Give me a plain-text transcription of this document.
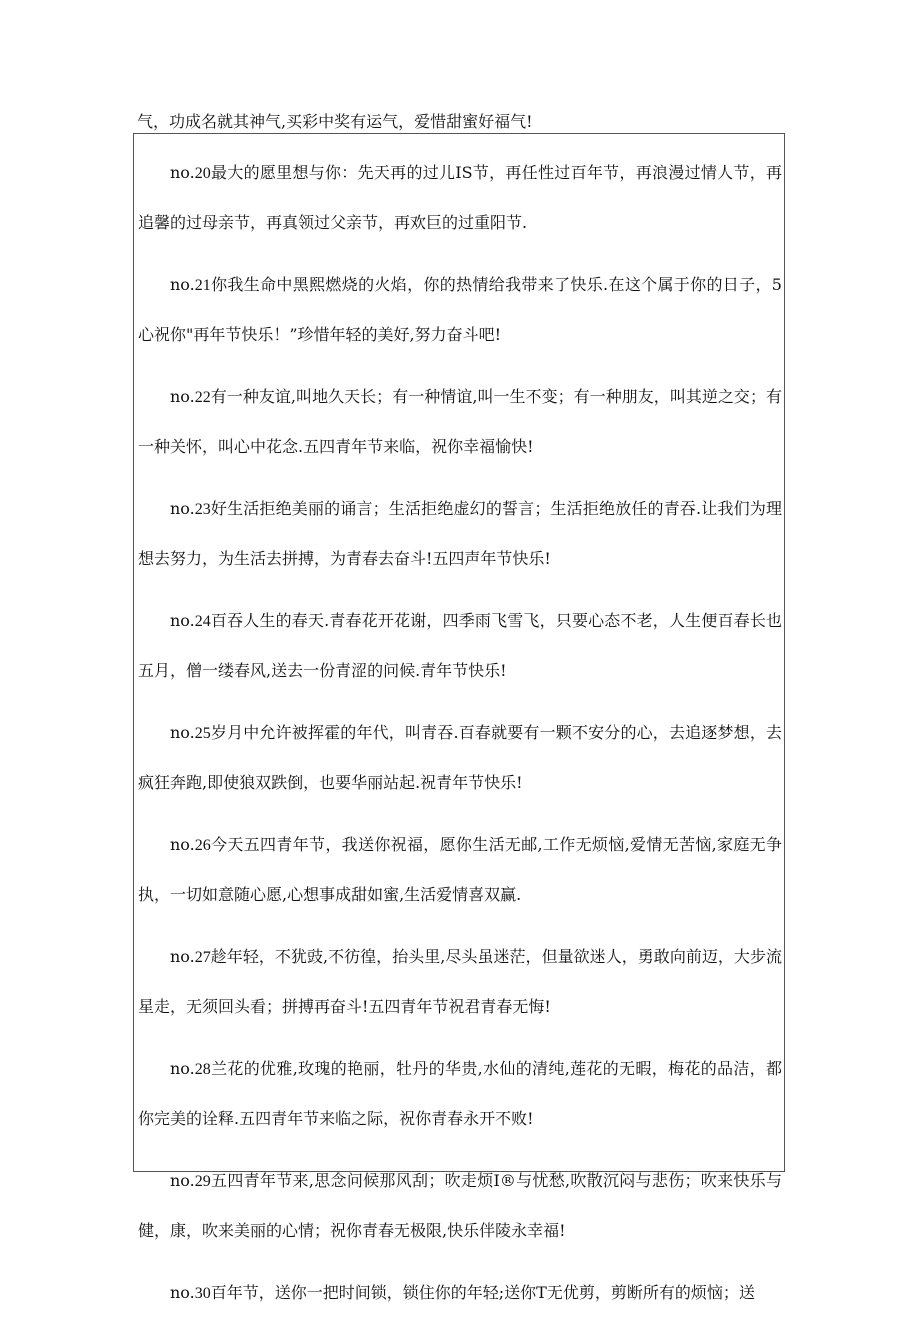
气，功成名就其神气,买彩中奖有运气，爱惜甜蜜好福气!

no.20最大的愿里想与你：先天再的过儿IS节，再任性过百年节，再浪漫过情人节，再追馨的过母亲节，再真领过父亲节，再欢巨的过重阳节.

no.21你我生命中黑熙燃烧的火焰，你的热情给我带来了快乐.在这个属于你的日子，5心祝你"再年节快乐！”珍惜年轻的美好,努力奋斗吧!

no.22有一种友谊,叫地久天长；有一种情谊,叫一生不变；有一种朋友，叫其逆之交；有一种关怀，叫心中花念.五四青年节来临，祝你幸福愉快!

no.23好生活拒绝美丽的诵言；生活拒绝虚幻的誓言；生活拒绝放任的青吞.让我们为理想去努力，为生活去拼搏，为青春去奋斗!五四声年节快乐!

no.24百吞人生的春天.青春花开花谢，四季雨飞雪飞，只要心态不老，人生便百春长也五月，僧一缕春风,送去一份青涩的问候.青年节快乐!

no.25岁月中允许被挥霍的年代，叫青吞.百春就要有一颗不安分的心，去追逐梦想，去疯狂奔跑,即使狼双跌倒，也要华丽站起.祝青年节快乐!

no.26今天五四青年节，我送你祝福，愿你生活无邮,工作无烦恼,爱情无苦恼,家庭无争执，一切如意随心愿,心想事成甜如蜜,生活爱情喜双赢.

no.27趁年轻，不犹豉,不彷徨，抬头里,尽头虽迷茫，但量欲迷人，勇敢向前迈，大步流星走，无须回头看；拼搏再奋斗!五四青年节祝君青春无悔!

no.28兰花的优雅,玫瑰的艳丽，牡丹的华贵,水仙的清纯,莲花的无暇，梅花的品洁，都你完美的诠释.五四青年节来临之际，祝你青春永开不败!

no.29五四青年节来,思念问候那风刮；吹走烦I®与忧愁,吹散沉闷与悲伤；吹来快乐与健，康，吹来美丽的心情；祝你青春无极限,快乐伴陵永幸福!

no.30百年节，送你一把时间锁，锁住你的年轻;送你T无优剪，剪断所有的烦恼；送
